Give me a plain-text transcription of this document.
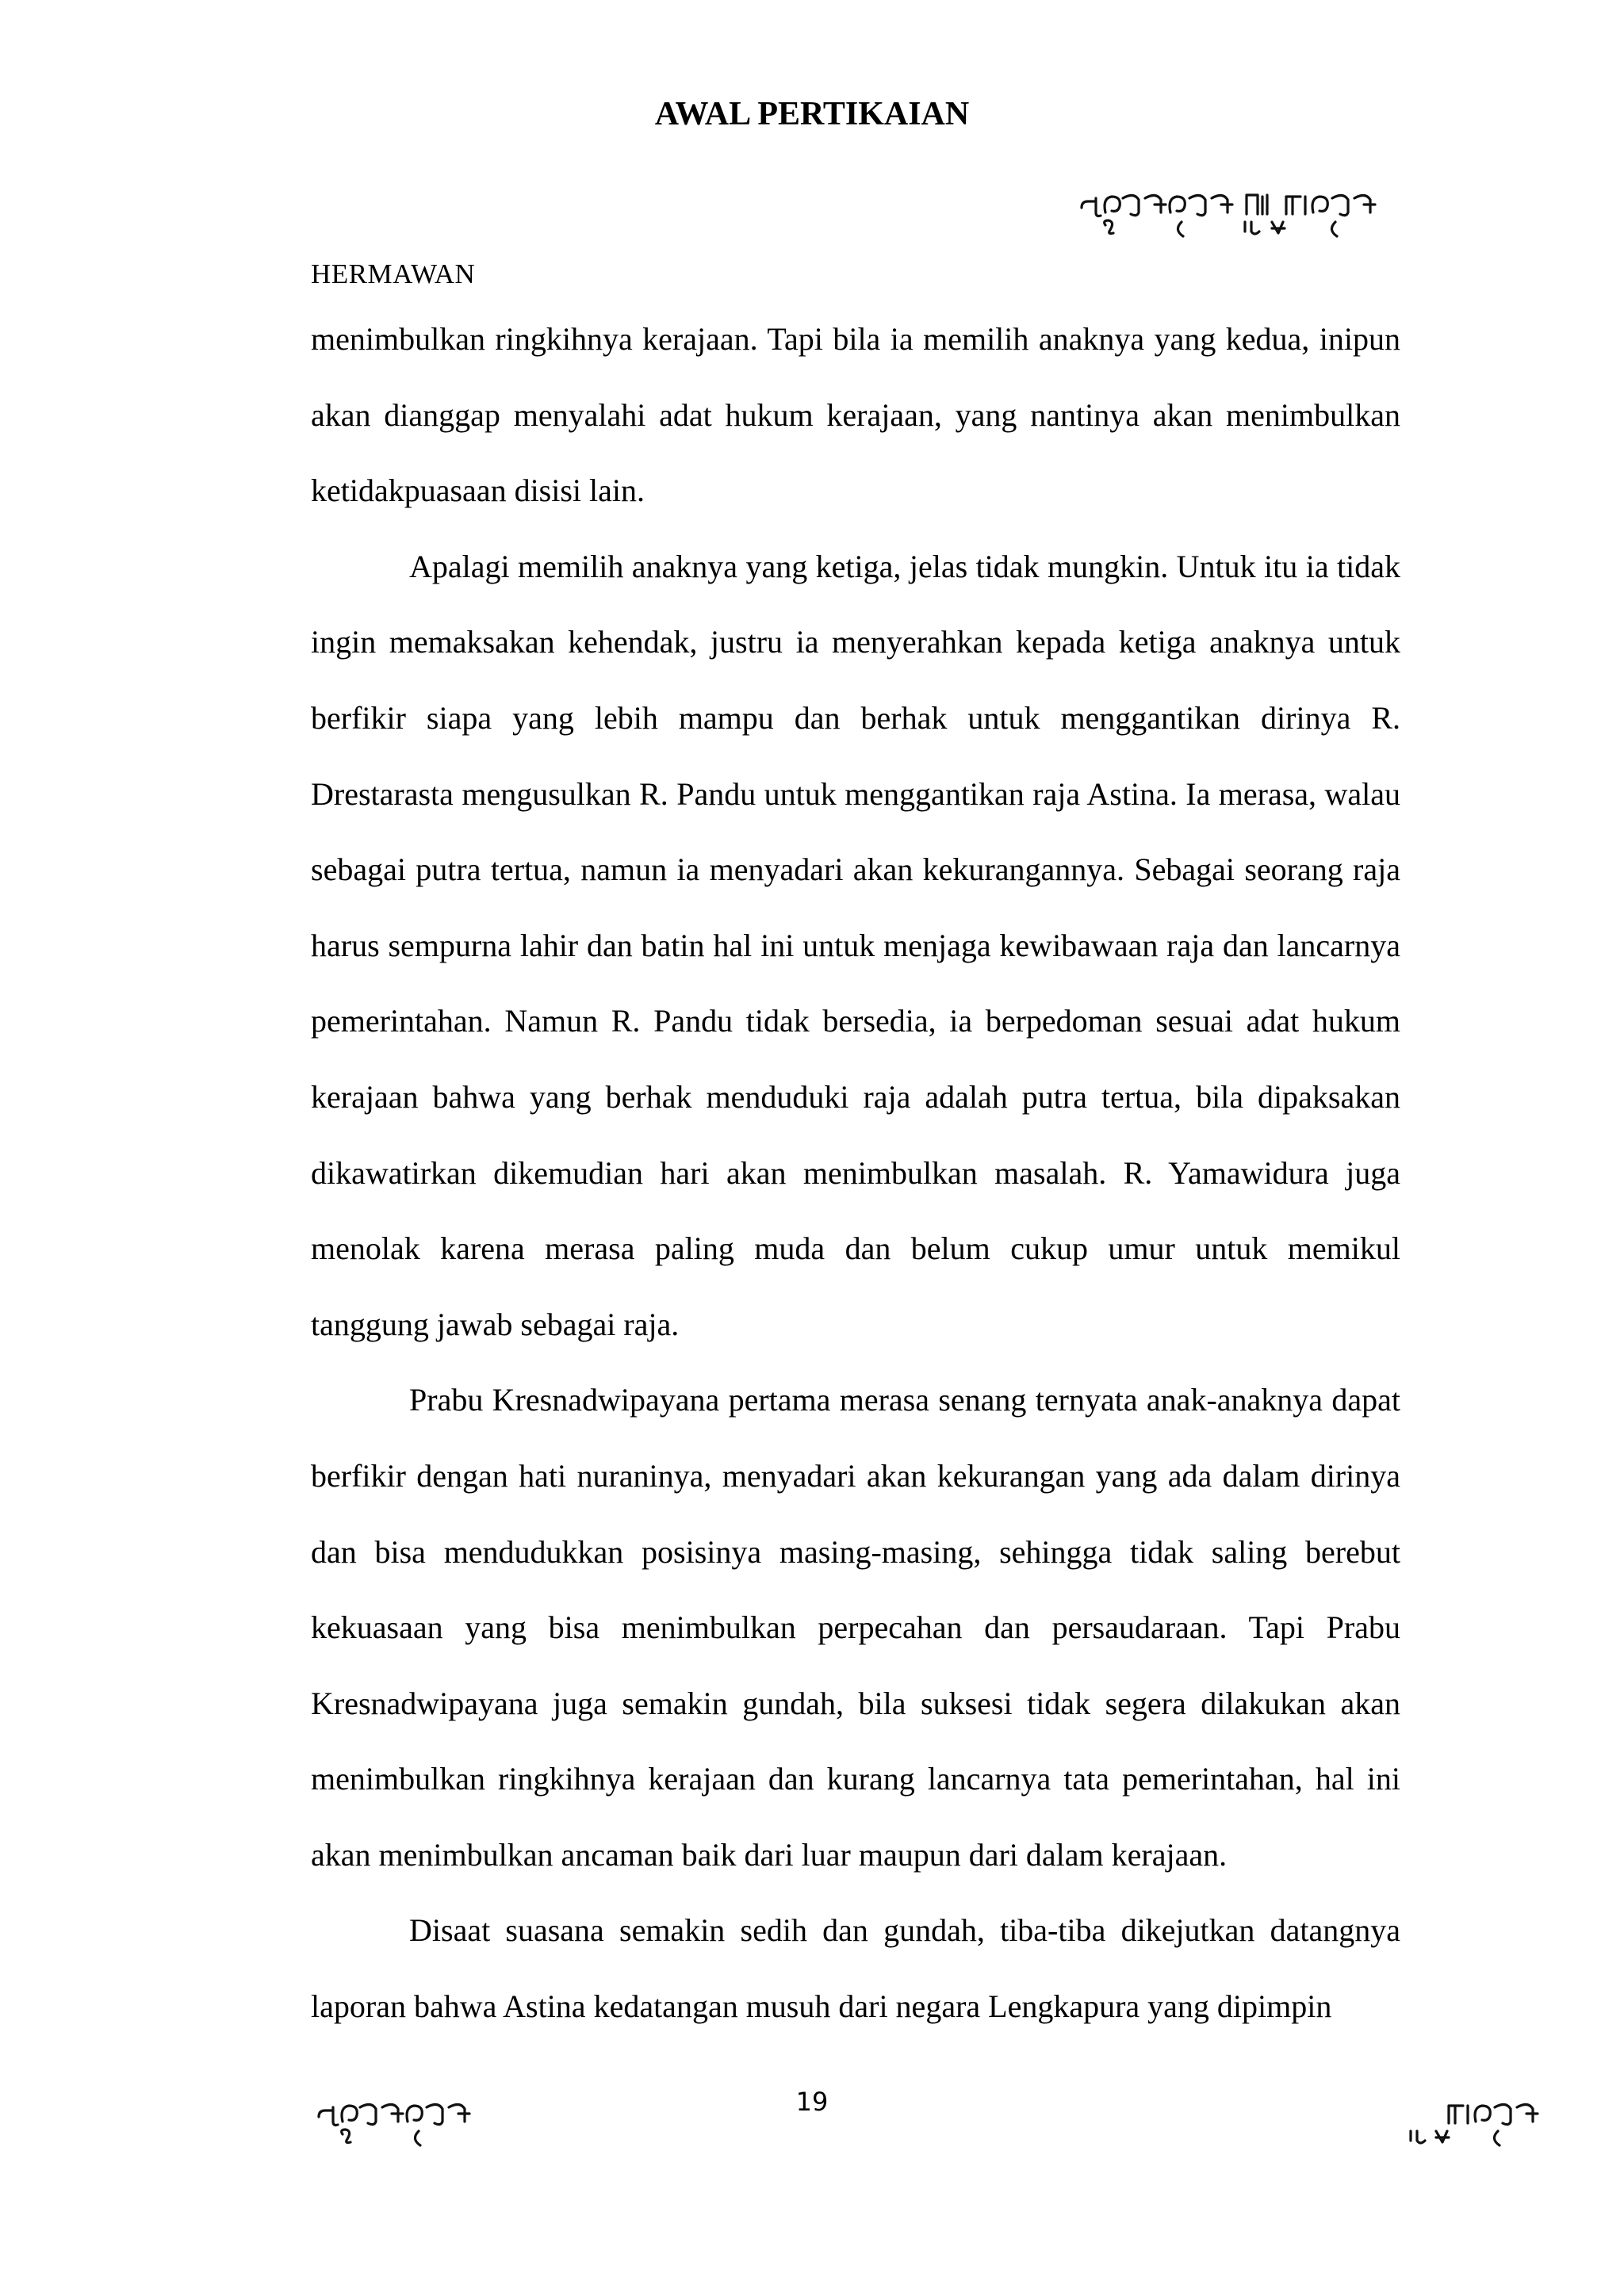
AWAL PERTIKAIAN
HERMAWAN

menimbulkan ringkihnya kerajaan. Tapi bila ia memilih anaknya yang kedua, inipun akan dianggap menyalahi adat hukum kerajaan, yang nantinya akan menimbulkan ketidakpuasaan disisi lain.

Apalagi memilih anaknya yang ketiga, jelas tidak mungkin. Untuk itu ia tidak ingin memaksakan kehendak, justru ia menyerahkan kepada ketiga anaknya untuk berfikir siapa yang lebih mampu dan berhak untuk menggantikan dirinya R. Drestarasta mengusulkan R. Pandu untuk menggantikan raja Astina. Ia merasa, walau sebagai putra tertua, namun ia menyadari akan kekurangannya. Sebagai seorang raja harus sempurna lahir dan batin hal ini untuk menjaga kewibawaan raja dan lancarnya pemerintahan. Namun R. Pandu tidak bersedia, ia berpedoman sesuai adat hukum kerajaan bahwa yang berhak menduduki raja adalah putra tertua, bila dipaksakan dikawatirkan dikemudian hari akan menimbulkan masalah. R. Yamawidura juga menolak karena merasa paling muda dan belum cukup umur untuk memikul tanggung jawab sebagai raja.

Prabu Kresnadwipayana pertama merasa senang ternyata anak-anaknya dapat berfikir dengan hati nuraninya, menyadari akan kekurangan yang ada dalam dirinya dan bisa mendudukkan posisinya masing-masing, sehingga tidak saling berebut kekuasaan yang bisa menimbulkan perpecahan dan persaudaraan. Tapi Prabu Kresnadwipayana juga semakin gundah, bila suksesi tidak segera dilakukan akan menimbulkan ringkihnya kerajaan dan kurang lancarnya tata pemerintahan, hal ini akan menimbulkan ancaman baik dari luar maupun dari dalam kerajaan.

Disaat suasana semakin sedih dan gundah, tiba-tiba dikejutkan datangnya laporan bahwa Astina kedatangan musuh dari negara Lengkapura yang dipimpin

19
